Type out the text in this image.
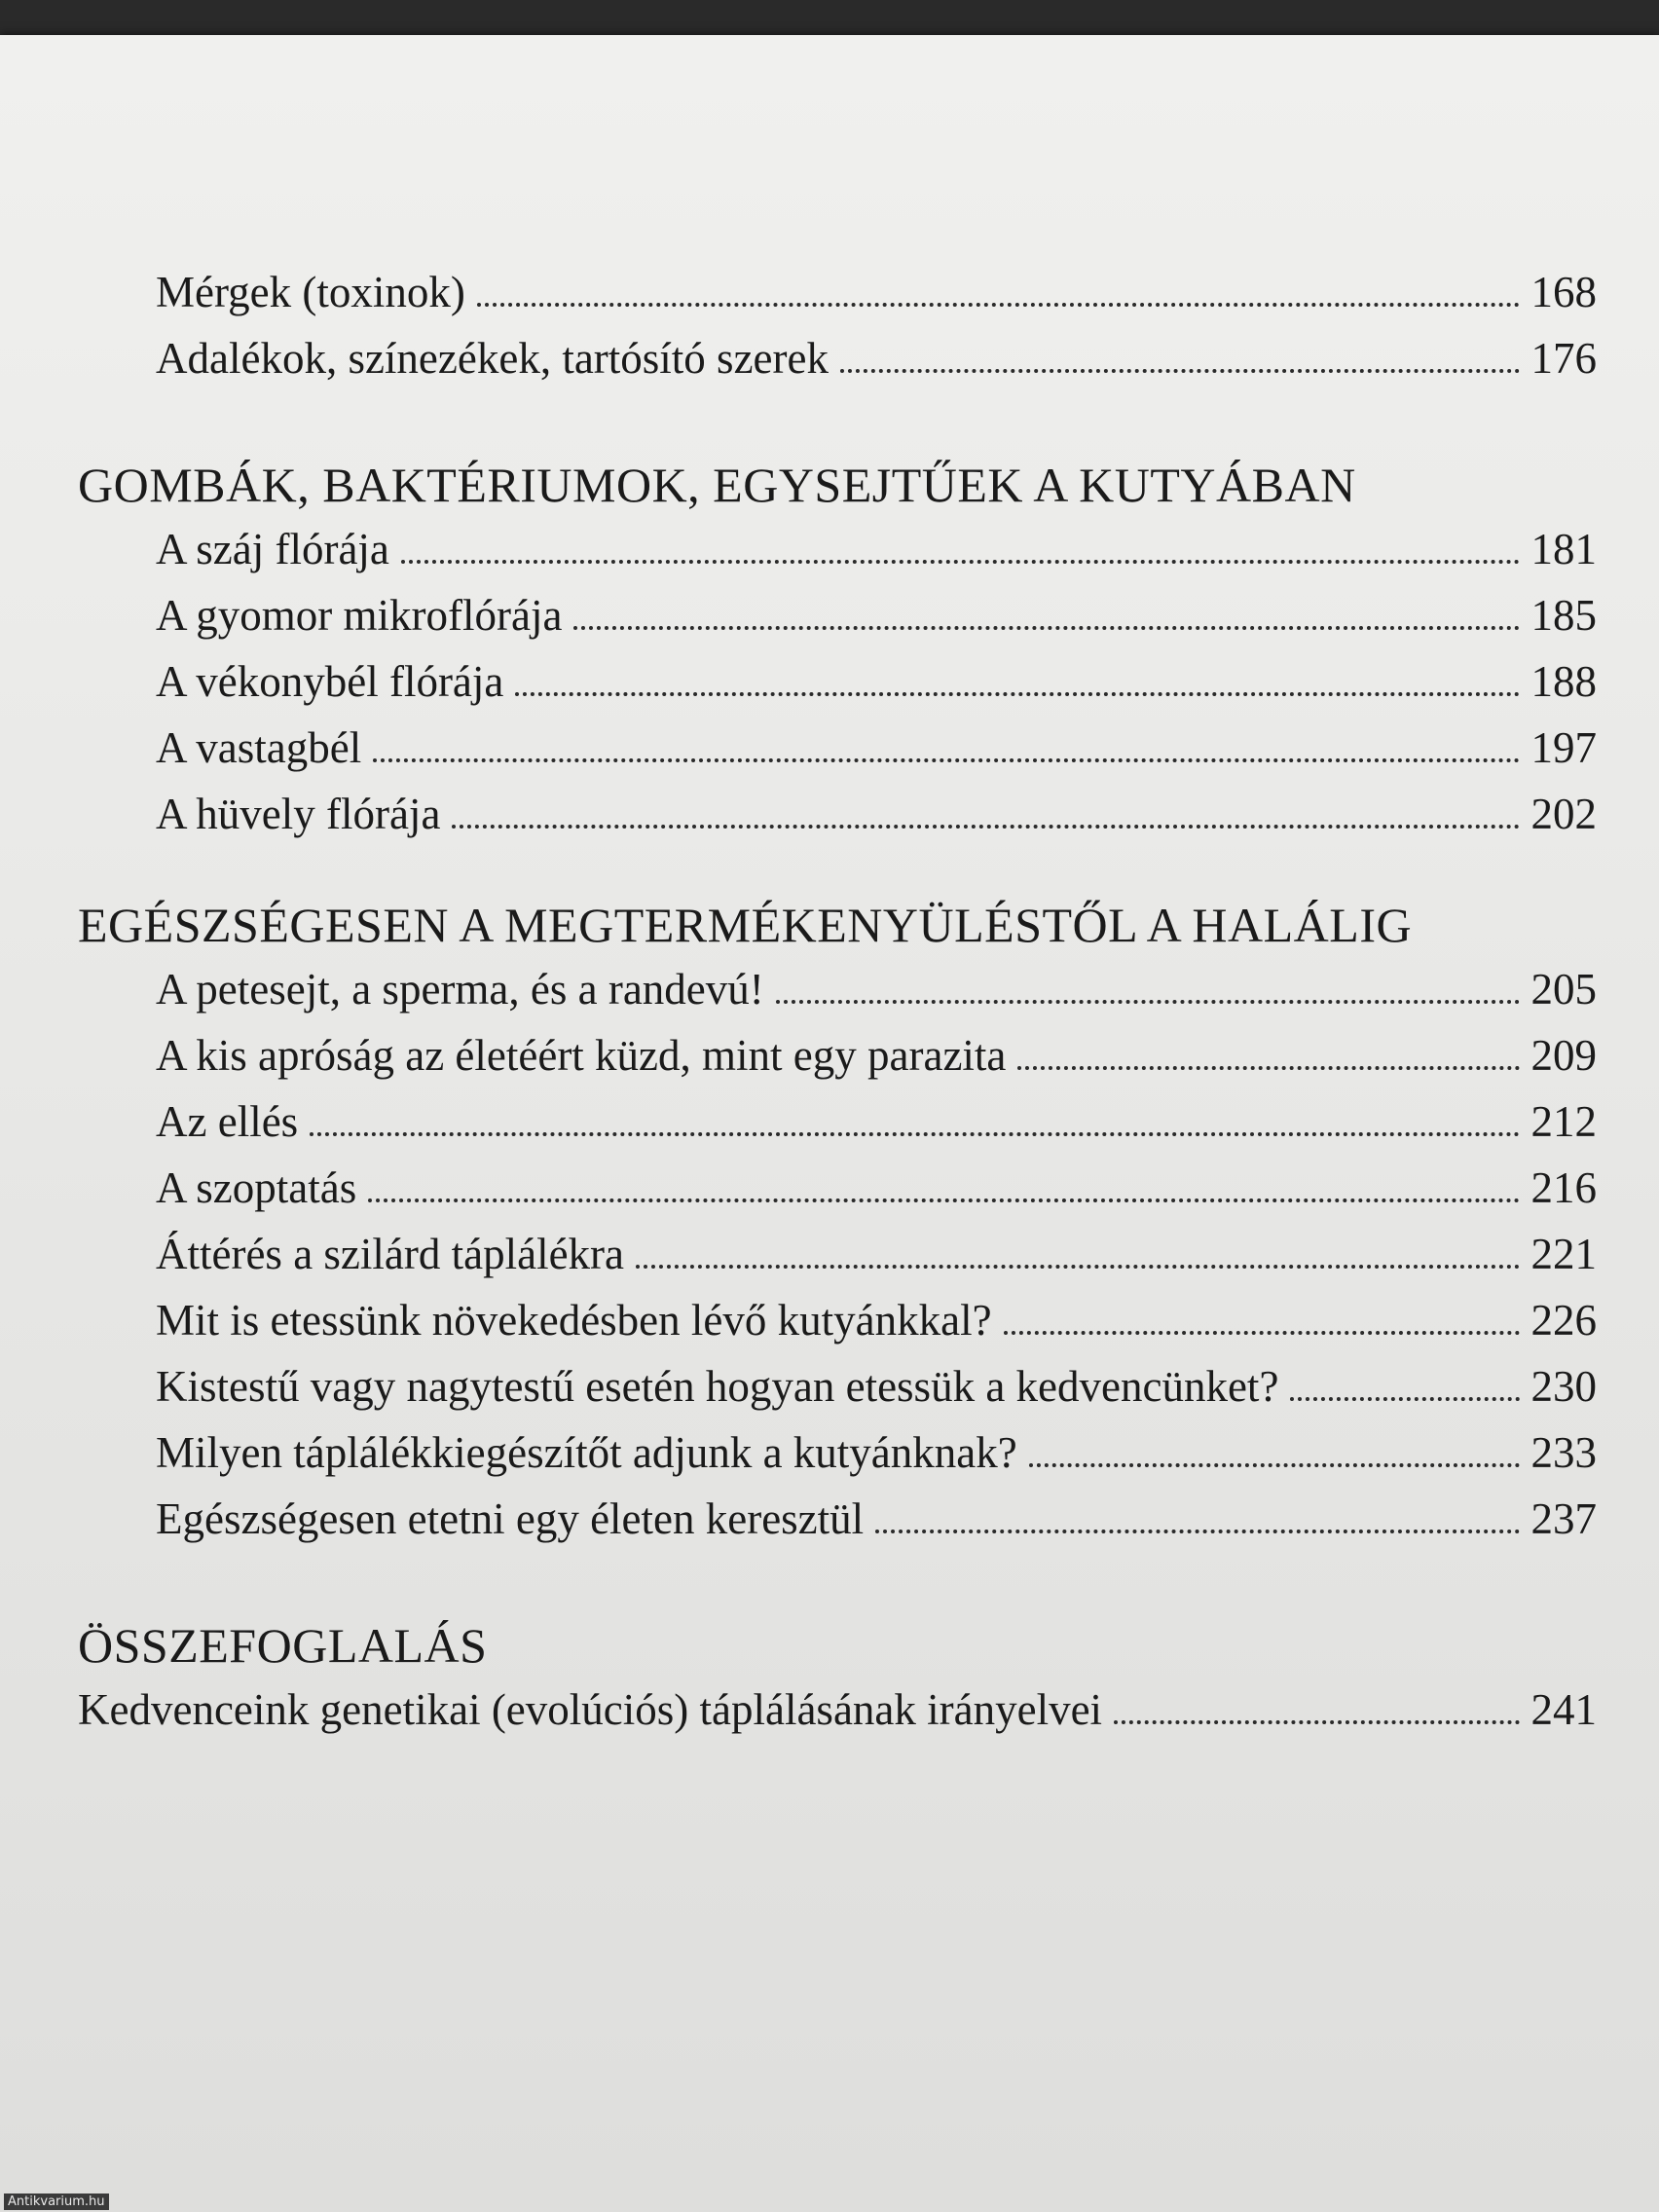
Mérgek (toxinok)	168
Adalékok, színezékek, tartósító szerek	176
GOMBÁK, BAKTÉRIUMOK, EGYSEJTŰEK A KUTYÁBAN
A száj flórája	181
A gyomor mikroflórája	185
A vékonybél flórája	188
A vastagbél	197
A hüvely flórája	202
EGÉSZSÉGESEN A MEGTERMÉKENYÜLÉSTŐL A HALÁLIG
A petesejt, a sperma, és a randevú!	205
A kis apróság az életéért küzd, mint egy parazita	209
Az ellés	212
A szoptatás	216
Áttérés a szilárd táplálékra	221
Mit is etessünk növekedésben lévő kutyánkkal?	226
Kistestű vagy nagytestű esetén hogyan etessük a kedvencünket?	230
Milyen táplálékkiegészítőt adjunk a kutyánknak?	233
Egészségesen etetni egy életen keresztül	237
ÖSSZEFOGLALÁS
Kedvenceink genetikai (evolúciós) táplálásának irányelvei	241
Antikvarium.hu
